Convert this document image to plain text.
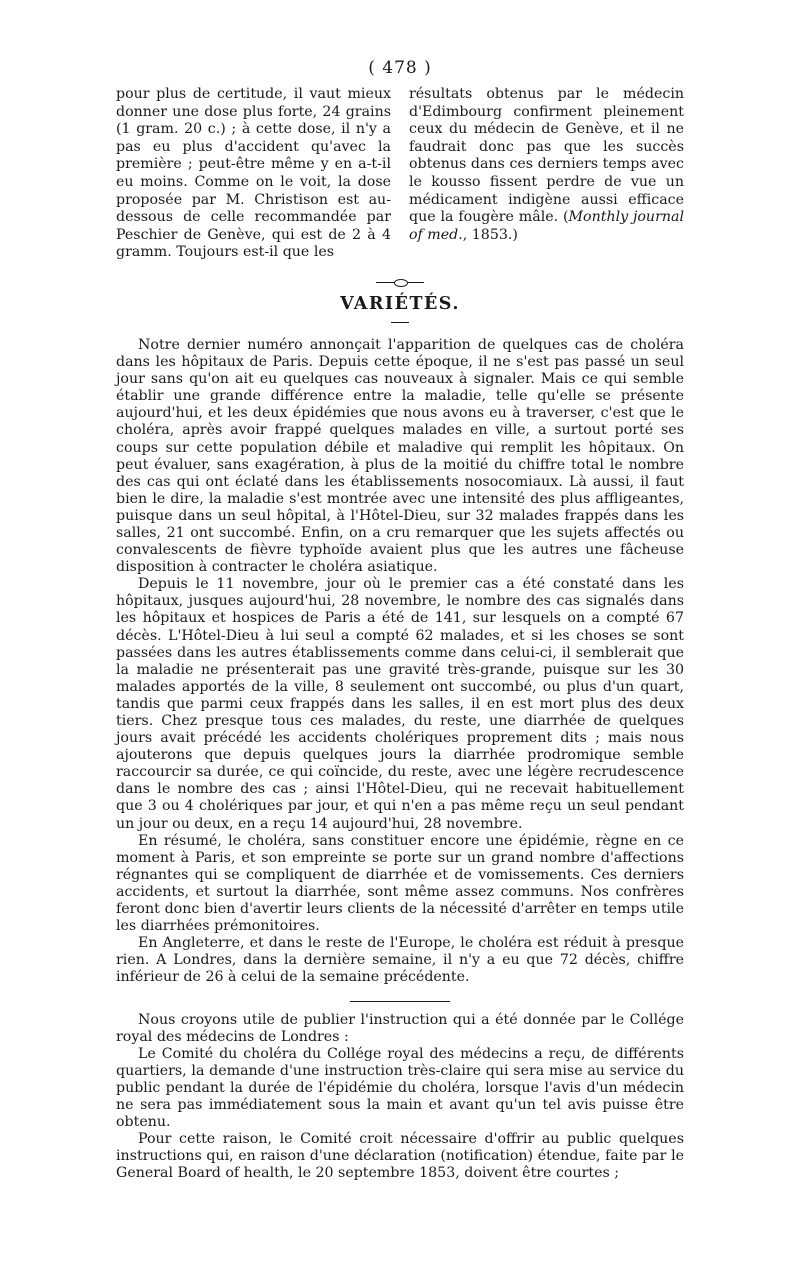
( 478 )

pour plus de certitude, il vaut mieux donner une dose plus forte, 24 grains (1 gram. 20 c.) ; à cette dose, il n'y a pas eu plus d'accident qu'avec la première ; peut-être même y en a-t-il eu moins. Comme on le voit, la dose proposée par M. Christison est au-dessous de celle recommandée par Peschier de Genève, qui est de 2 à 4 gramm. Toujours est-il que les

résultats obtenus par le médecin d'Edimbourg confirment pleinement ceux du médecin de Genève, et il ne faudrait donc pas que les succès obtenus dans ces derniers temps avec le kousso fissent perdre de vue un médicament indigène aussi efficace que la fougère mâle. (Monthly journal of med., 1853.)

VARIÉTÉS.

Notre dernier numéro annonçait l'apparition de quelques cas de choléra dans les hôpitaux de Paris. Depuis cette époque, il ne s'est pas passé un seul jour sans qu'on ait eu quelques cas nouveaux à signaler. Mais ce qui semble établir une grande différence entre la maladie, telle qu'elle se présente aujourd'hui, et les deux épidémies que nous avons eu à traverser, c'est que le choléra, après avoir frappé quelques malades en ville, a surtout porté ses coups sur cette population débile et maladive qui remplit les hôpitaux. On peut évaluer, sans exagération, à plus de la moitié du chiffre total le nombre des cas qui ont éclaté dans les établissements nosocomiaux. Là aussi, il faut bien le dire, la maladie s'est montrée avec une intensité des plus affligeantes, puisque dans un seul hôpital, à l'Hôtel-Dieu, sur 32 malades frappés dans les salles, 21 ont succombé. Enfin, on a cru remarquer que les sujets affectés ou convalescents de fièvre typhoïde avaient plus que les autres une fâcheuse disposition à contracter le choléra asiatique.

Depuis le 11 novembre, jour où le premier cas a été constaté dans les hôpitaux, jusques aujourd'hui, 28 novembre, le nombre des cas signalés dans les hôpitaux et hospices de Paris a été de 141, sur lesquels on a compté 67 décès. L'Hôtel-Dieu à lui seul a compté 62 malades, et si les choses se sont passées dans les autres établissements comme dans celui-ci, il semblerait que la maladie ne présenterait pas une gravité très-grande, puisque sur les 30 malades apportés de la ville, 8 seulement ont succombé, ou plus d'un quart, tandis que parmi ceux frappés dans les salles, il en est mort plus des deux tiers. Chez presque tous ces malades, du reste, une diarrhée de quelques jours avait précédé les accidents cholériques proprement dits ; mais nous ajouterons que depuis quelques jours la diarrhée prodromique semble raccourcir sa durée, ce qui coïncide, du reste, avec une légère recrudescence dans le nombre des cas ; ainsi l'Hôtel-Dieu, qui ne recevait habituellement que 3 ou 4 cholériques par jour, et qui n'en a pas même reçu un seul pendant un jour ou deux, en a reçu 14 aujourd'hui, 28 novembre.

En résumé, le choléra, sans constituer encore une épidémie, règne en ce moment à Paris, et son empreinte se porte sur un grand nombre d'affections régnantes qui se compliquent de diarrhée et de vomissements. Ces derniers accidents, et surtout la diarrhée, sont même assez communs. Nos confrères feront donc bien d'avertir leurs clients de la nécessité d'arrêter en temps utile les diarrhées prémonitoires.

En Angleterre, et dans le reste de l'Europe, le choléra est réduit à presque rien. A Londres, dans la dernière semaine, il n'y a eu que 72 décès, chiffre inférieur de 26 à celui de la semaine précédente.

Nous croyons utile de publier l'instruction qui a été donnée par le Collége royal des médecins de Londres :

Le Comité du choléra du Collége royal des médecins a reçu, de différents quartiers, la demande d'une instruction très-claire qui sera mise au service du public pendant la durée de l'épidémie du choléra, lorsque l'avis d'un médecin ne sera pas immédiatement sous la main et avant qu'un tel avis puisse être obtenu.

Pour cette raison, le Comité croit nécessaire d'offrir au public quelques instructions qui, en raison d'une déclaration (notification) étendue, faite par le General Board of health, le 20 septembre 1853, doivent être courtes ;
